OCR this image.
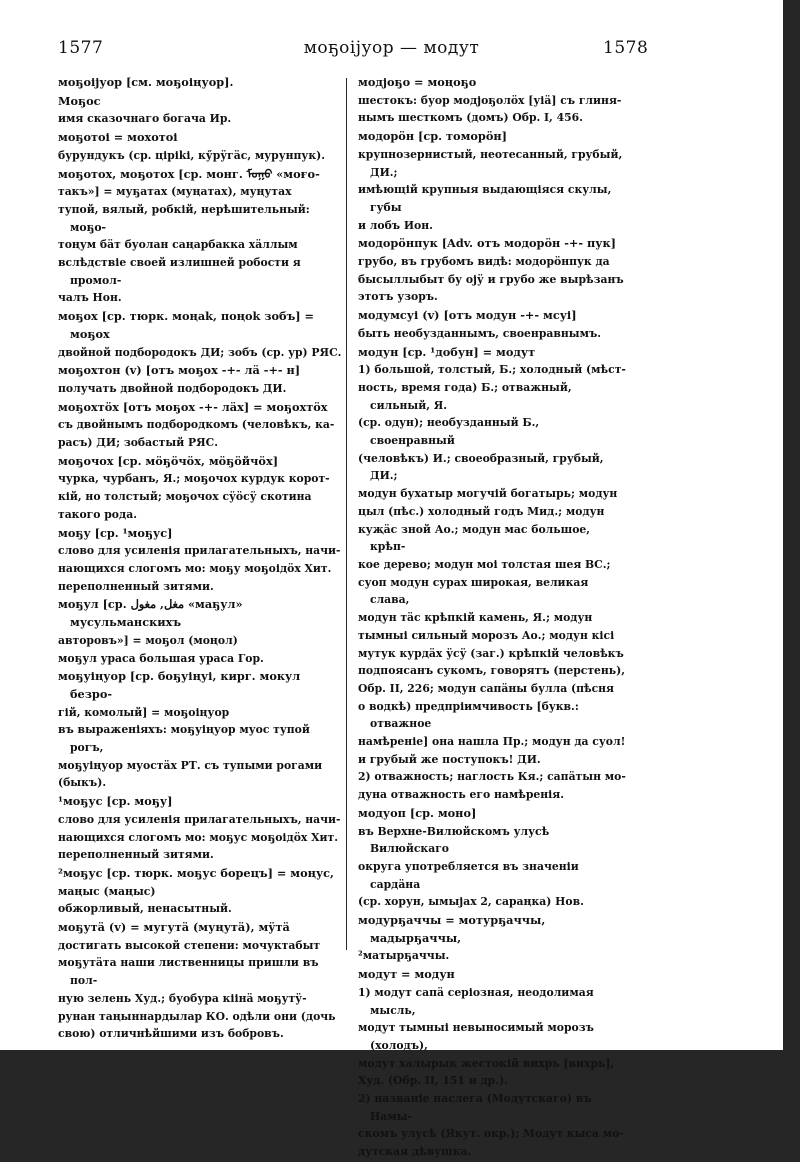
1577	моҕоіјуор — модут	1578
моҕоіјуор [см. моҕоіңуор].
Моҕос
имя сказочнаго богача Ир.
моҕотоі = мохотоі
бурундукъ (ср. ціріkі, кӳрӱгӓс, мурунпук).
моҕотох, моҕотох [ср. монг. ᠮᠣᠭᠣ «моғо-
такъ»] = муҕатах (муңатах), муңутах
тупой, вялый, робкій, нерѣшительный: моҕо-
тоңум бӓт буолан саңарбакка хӓллым
вслѣдствіе своей излишней робости я промол-
чалъ Нон.
моҕох [ср. тюрк. моңаk, поңоk зобъ] = моҕох
двойной подбородокъ ДИ; зобъ (ср. ур) РЯС.
моҕохтон (v) [отъ моҕох -+- лӓ -+- н]
получать двойной подбородокъ ДИ.
моҕохтӧх [отъ моҕох -+- лӓх] = моҕохтӧх
съ двойнымъ подбородкомъ (человѣкъ, ка-
расъ) ДИ; зобастый РЯС.
моҕочох [ср. мӧҕӧчӧх, мӧҕӧйчӧх]
чурка, чурбанъ, Я.; моҕочох курдук корот-
кій, но толстый; моҕочох сӱӧсӱ скотина
такого рода.
моҕу [ср. ¹моҕус]
слово для усиленія прилагательныхъ, начи-
нающихся слогомъ мо: моҕу моҕоідӧх Хит.
переполненный зитями.
моҕул [ср. مغل, مغول «маҕул» мусульманскихъ
авторовъ»] = моҕол (моңол)
моҕул ураса большая ураса Гор.
моҕуіңуор [ср. боҕуіңуі, кирг. мокул безро-
гій, комолый] = моҕоіңуор
въ выраженіяхъ: моҕуіңуор муос тупой рогъ,
моҕуіңуор муостӓх РТ. съ тупыми рогами
(быкъ).
¹моҕус [ср. моҕу]
слово для усиленія прилагательныхъ, начи-
нающихся слогомъ мо: моҕус моҕоідӧх Хит.
переполненный зитями.
²моҕус [ср. тюрк. моҕус борецъ] = моңус,
маңыс (маңыс)
обжорливый, ненасытный.
моҕутӓ (v) = мугутӓ (муңутӓ), мӱтӓ
достигать высокой степени: мочуктабыт
моҕутӓта наши лиственницы пришли въ пол-
ную зелень Худ.; буобура кіінӓ моҕутӱ-
рунан таңыннардылар КО. одѣли они (дочь
свою) отличнѣйшими изъ бобровъ.
модјоҕо = моңоҕо
шестокъ: буор модјоҕолӧх [уіӓ] съ глиня-
нымъ шесткомъ (домъ) Обр. I, 456.
модорӧн [ср. томорӧн]
крупнозернистый, неотесанный, грубый, ДИ.;
имѣющій крупныя выдающіяся скулы, губы
и лобъ Ион.
модорӧнпук [Adv. отъ модорӧн -+- пук]
грубо, въ грубомъ видѣ: модорӧнпук да
бысыллыбыт бу ојӱ и грубо же вырѣзанъ
этотъ узоръ.
модумсуі (v) [отъ модун -+- мсуі]
быть необузданнымъ, своенравнымъ.
модун [ср. ¹добун] = модут
1) большой, толстый, Б.; холодный (мѣст-
ность, время года) Б.; отважный, сильный, Я.
(ср. одун); необузданный Б., своенравный
(человѣкъ) И.; своеобразный, грубый, ДИ.;
модун бухатыр могучій богатырь; модун
цыл (пѣс.) холодный годъ Мид.; модун
куҗӓс зной Ао.; модун мас большое, крѣп-
кое дерево; модун моі толстая шея ВС.;
суоп модун сурах широкая, великая слава,
модун тӓс крѣпкій камень, Я.; модун
тымныі сильный морозъ Ао.; модун кісі
мутук курдӓх ӱсӱ (заг.) крѣпкій человѣкъ
подпоясанъ сукомъ, говорятъ (перстень),
Обр. II, 226; модун сапӓны булла (пѣсня
о водкѣ) предпріимчивость [букв.: отважное
намѣреніе] она нашла Пр.; модун да суол!
и грубый же поступокъ! ДИ.
2) отважность; наглость Кя.; сапӓтын мо-
дуна отважность его намѣренія.
модуоп [ср. моно]
въ Верхне-Вилюйскомъ улусѣ Вилюйскаго
округа употребляется въ значеніи сардӓна
(ср. хорун, ымыјах 2, сараңка) Нов.
модурҕаччы = мотурҕаччы, мадырҕаччы,
²матырҕаччы.
модут = модун
1) модут сапӓ серіозная, неодолимая мысль,
модут тымныі невыносимый морозъ (холодъ),
модут халырык жестокій вихрь [вихрь],
Худ. (Обр. II, 151 и др.).
2) названіе наслега (Модутскаго) въ Намы-
скомъ улусѣ (Якут. окр.); Модут кыса мо-
дутская дѣвушка.
